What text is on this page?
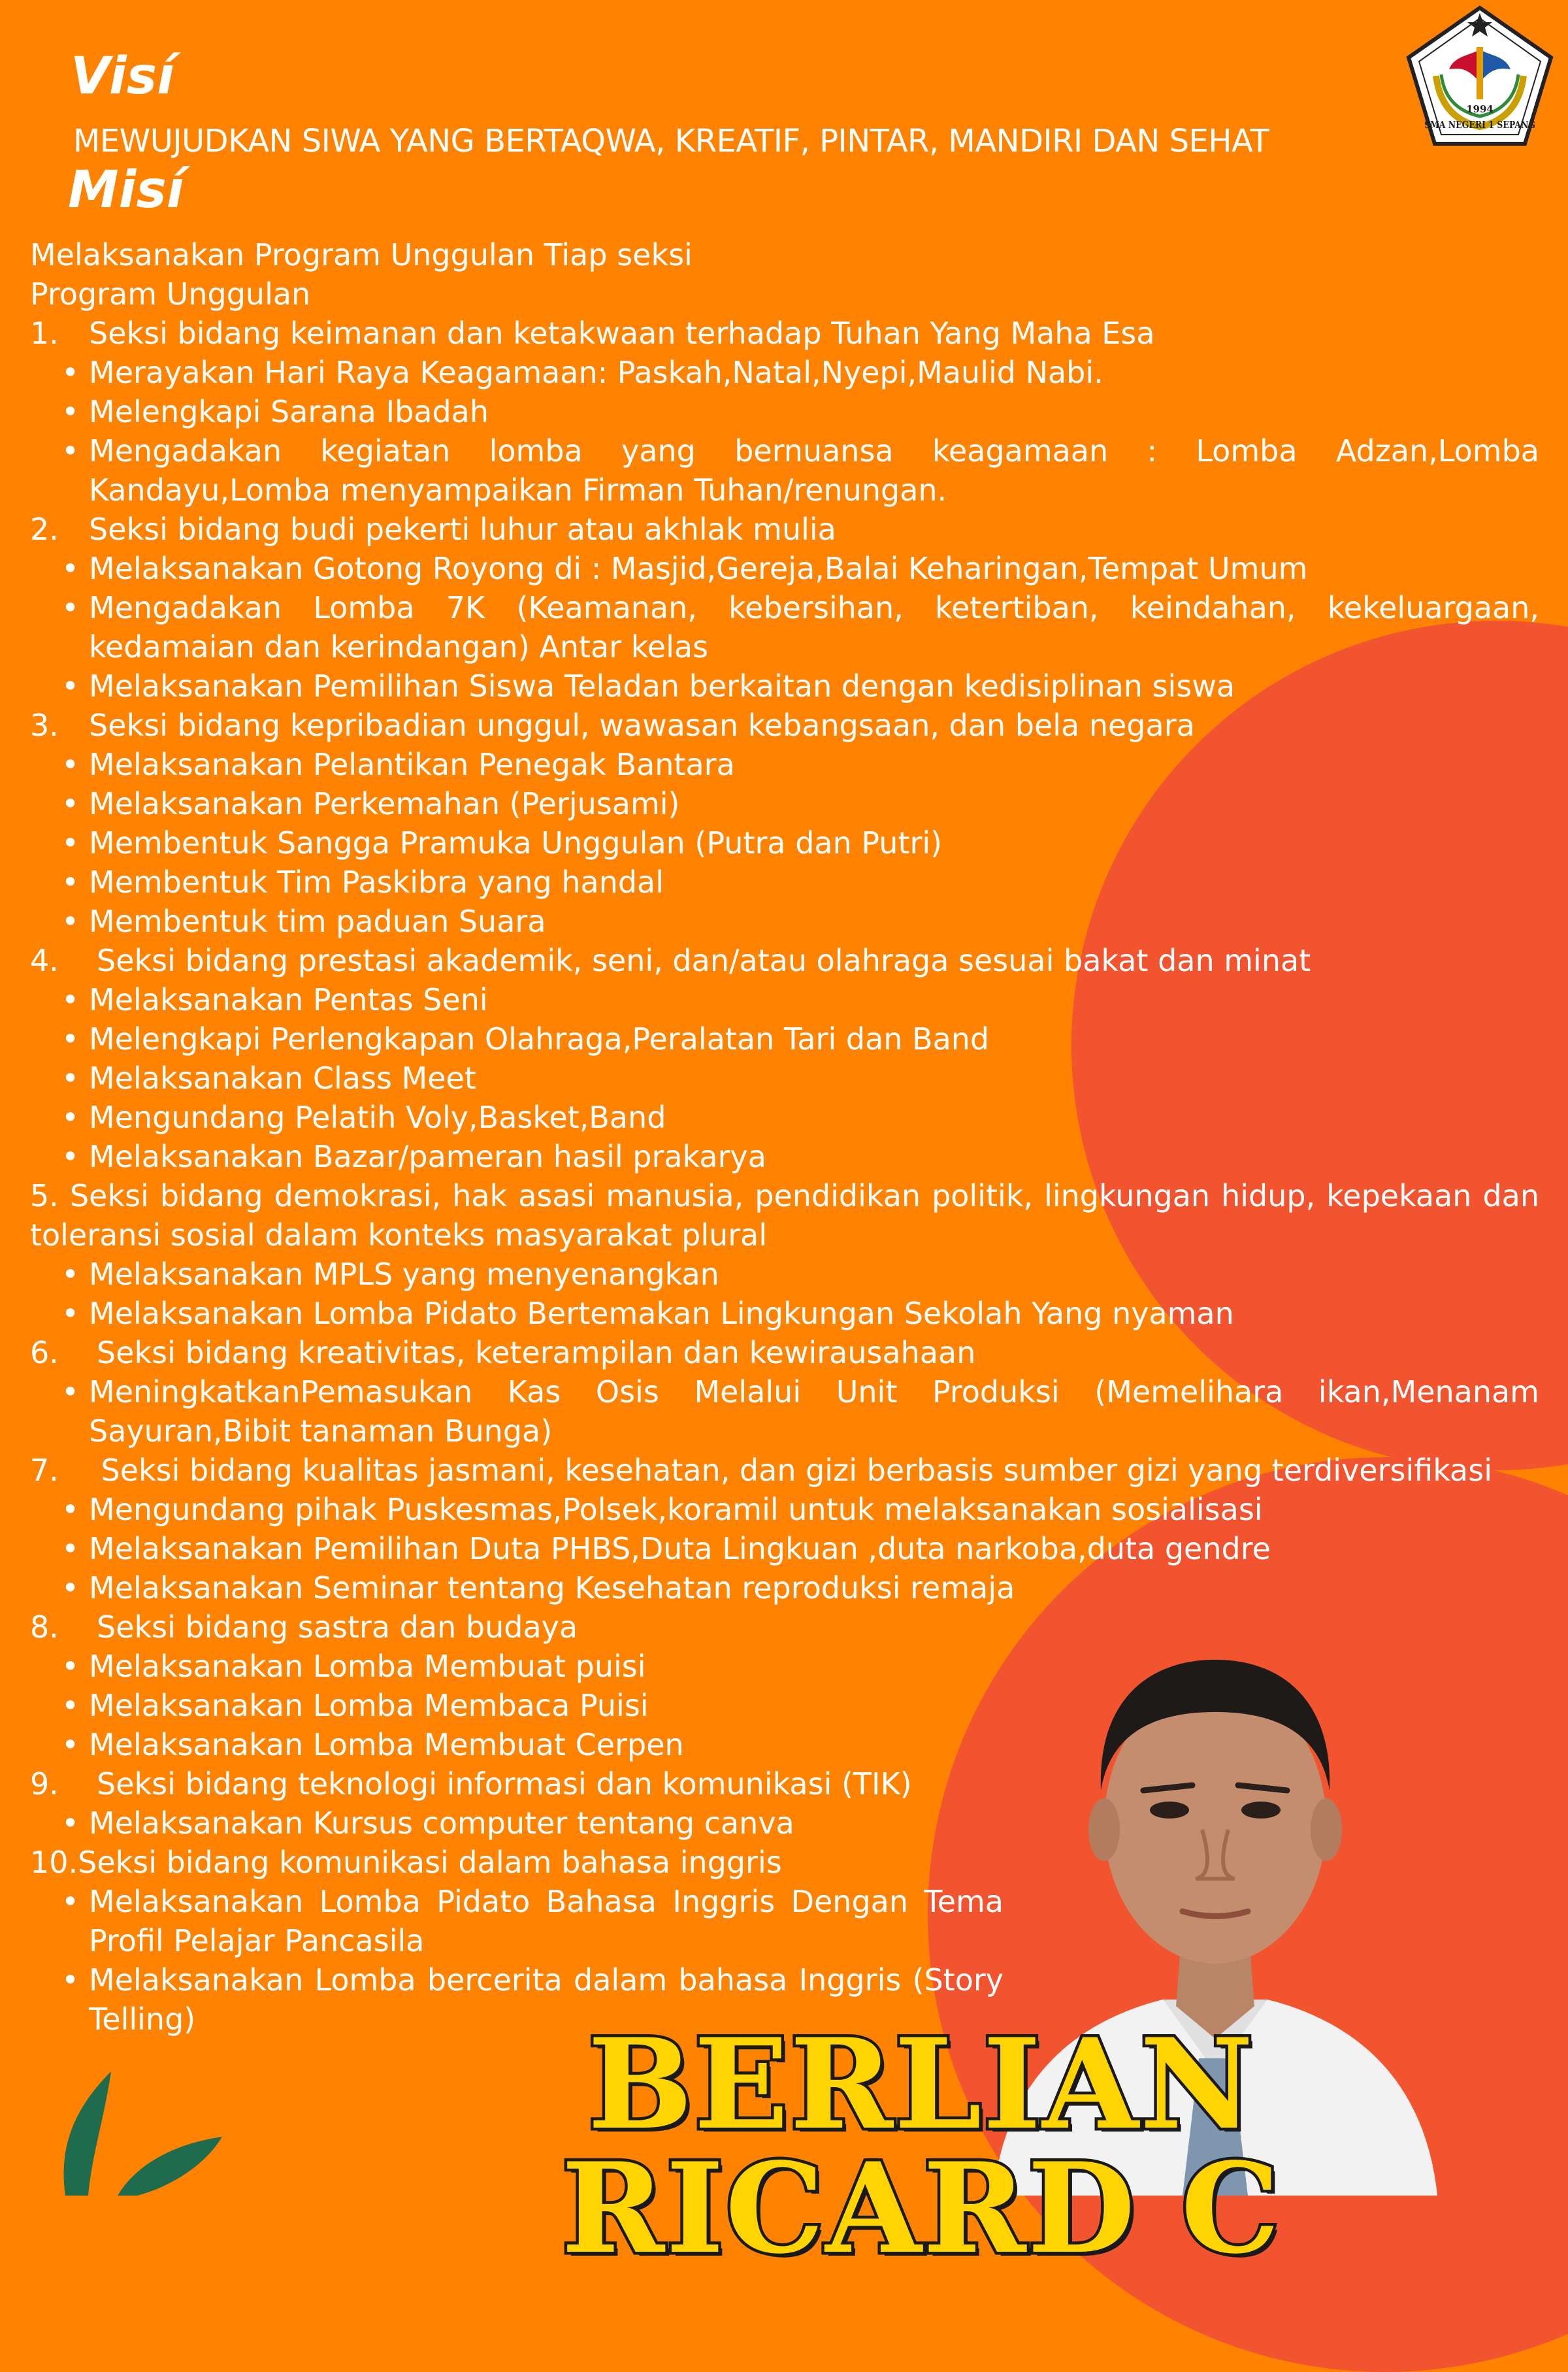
1994
SMA NEGERI 1 SEPANG
Visí
MEWUJUDKAN SIWA YANG BERTAQWA, KREATIF, PINTAR, MANDIRI DAN SEHAT
Misí
Melaksanakan Program Unggulan Tiap seksi
Program Unggulan
1.	Seksi bidang keimanan dan ketakwaan terhadap Tuhan Yang Maha Esa
• Merayakan Hari Raya Keagamaan: Paskah,Natal,Nyepi,Maulid Nabi.
• Melengkapi Sarana Ibadah
• Mengadakan kegiatan lomba yang bernuansa keagamaan : Lomba Adzan,Lomba Kandayu,Lomba menyampaikan Firman Tuhan/renungan.
2.	Seksi bidang budi pekerti luhur atau akhlak mulia
• Melaksanakan Gotong Royong di : Masjid,Gereja,Balai Keharingan,Tempat Umum
• Mengadakan Lomba 7K (Keamanan, kebersihan, ketertiban, keindahan, kekeluargaan, kedamaian dan kerindangan) Antar kelas
• Melaksanakan Pemilihan Siswa Teladan berkaitan dengan kedisiplinan siswa
3.	Seksi bidang kepribadian unggul, wawasan kebangsaan, dan bela negara
• Melaksanakan Pelantikan Penegak Bantara
• Melaksanakan Perkemahan (Perjusami)
• Membentuk Sangga Pramuka Unggulan (Putra dan Putri)
• Membentuk Tim Paskibra yang handal
• Membentuk tim paduan Suara
4.	Seksi bidang prestasi akademik, seni, dan/atau olahraga sesuai bakat dan minat
• Melaksanakan Pentas Seni
• Melengkapi Perlengkapan Olahraga,Peralatan Tari dan Band
• Melaksanakan Class Meet
• Mengundang Pelatih Voly,Basket,Band
• Melaksanakan Bazar/pameran hasil prakarya
5. Seksi bidang demokrasi, hak asasi manusia, pendidikan politik, lingkungan hidup, kepekaan dan toleransi sosial dalam konteks masyarakat plural
• Melaksanakan MPLS yang menyenangkan
• Melaksanakan Lomba Pidato Bertemakan Lingkungan Sekolah Yang nyaman
6.	Seksi bidang kreativitas, keterampilan dan kewirausahaan
• MeningkatkanPemasukan Kas Osis Melalui Unit Produksi (Memelihara ikan,Menanam Sayuran,Bibit tanaman Bunga)
7. Seksi bidang kualitas jasmani, kesehatan, dan gizi berbasis sumber gizi yang terdiversifikasi
• Mengundang pihak Puskesmas,Polsek,koramil untuk melaksanakan sosialisasi
• Melaksanakan Pemilihan Duta PHBS,Duta Lingkuan ,duta narkoba,duta gendre
• Melaksanakan Seminar tentang Kesehatan reproduksi remaja
8.	Seksi bidang sastra dan budaya
• Melaksanakan Lomba Membuat puisi
• Melaksanakan Lomba Membaca Puisi
• Melaksanakan Lomba Membuat Cerpen
9.	Seksi bidang teknologi informasi dan komunikasi (TIK)
• Melaksanakan Kursus computer tentang canva
10. Seksi bidang komunikasi dalam bahasa inggris
• Melaksanakan Lomba Pidato Bahasa Inggris Dengan Tema Profil Pelajar Pancasila
• Melaksanakan Lomba bercerita dalam bahasa Inggris (Story Telling)	BERLIAN RICARD C
